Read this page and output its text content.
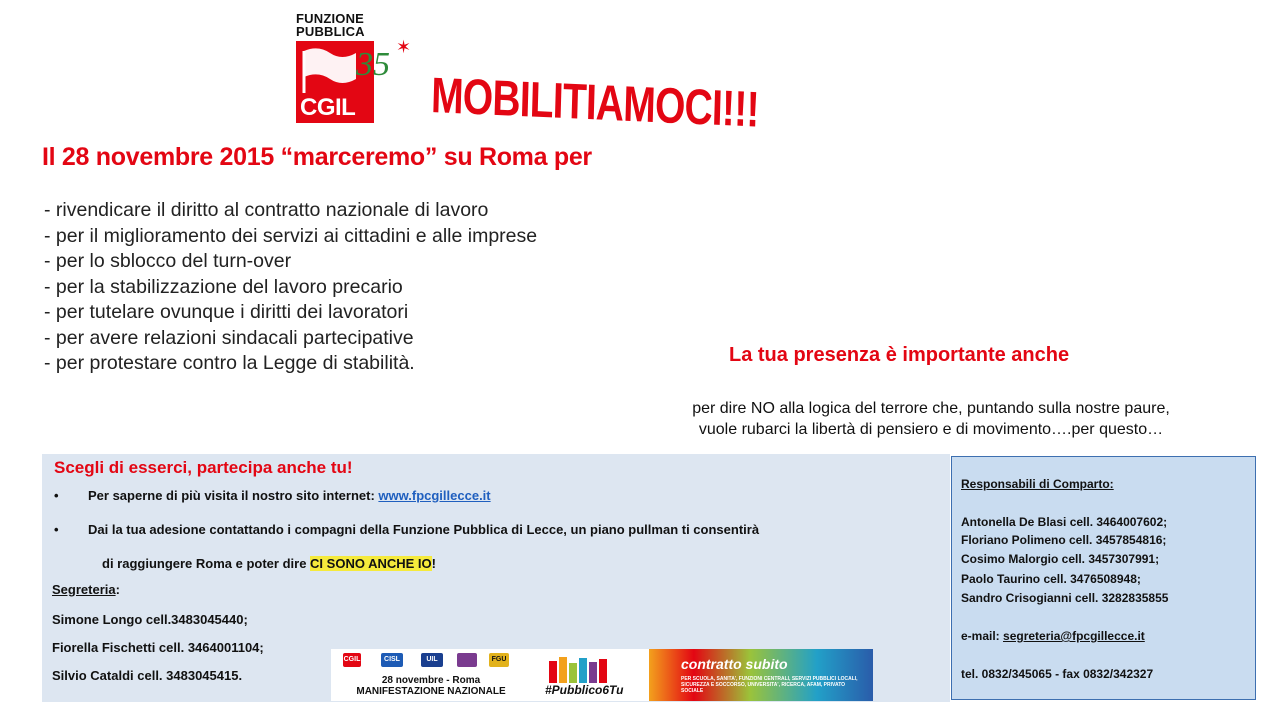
FUNZIONE
PUBBLICA
CGIL
35 ✶
MOBILITIAMOCI!!!
Il 28 novembre 2015 “marceremo” su Roma per
- rivendicare il diritto al contratto nazionale di lavoro
- per il miglioramento dei servizi ai cittadini e alle imprese
- per lo sblocco del turn-over
- per la stabilizzazione del lavoro precario
- per tutelare ovunque i diritti dei lavoratori
- per avere relazioni sindacali partecipative
- per protestare contro la Legge di stabilità.	La tua presenza è importante anche
per dire NO alla logica del terrore che, puntando sulla nostre paure,
vuole rubarci la libertà di pensiero e di movimento….per questo…
Scegli di esserci, partecipa anche tu!
• Per saperne di più visita il nostro sito internet: www.fpcgillecce.it
• Dai la tua adesione contattando i compagni della Funzione Pubblica di Lecce, un piano pullman ti consentirà
di raggiungere Roma e poter dire CI SONO ANCHE IO!
Segreteria:
Simone Longo cell.3483045440;
Fiorella Fischetti cell. 3464001104;
Silvio Cataldi cell. 3483045415.
CGIL	CISL	UIL	FGU
28 novembre - Roma
MANIFESTAZIONE NAZIONALE	#Pubblico6Tu
contratto subito
PER SCUOLA, SANITA', FUNZIONI CENTRALI, SERVIZI PUBBLICI LOCALI, SICUREZZA E SOCCORSO, UNIVERSITA', RICERCA, AFAM, PRIVATO SOCIALE
Responsabili di Comparto:
Antonella De Blasi cell. 3464007602;
Floriano Polimeno cell. 3457854816;
Cosimo Malorgio cell. 3457307991;
Paolo Taurino cell. 3476508948;
Sandro Crisogianni cell. 3282835855
e-mail: segreteria@fpcgillecce.it
tel. 0832/345065 - fax 0832/342327
